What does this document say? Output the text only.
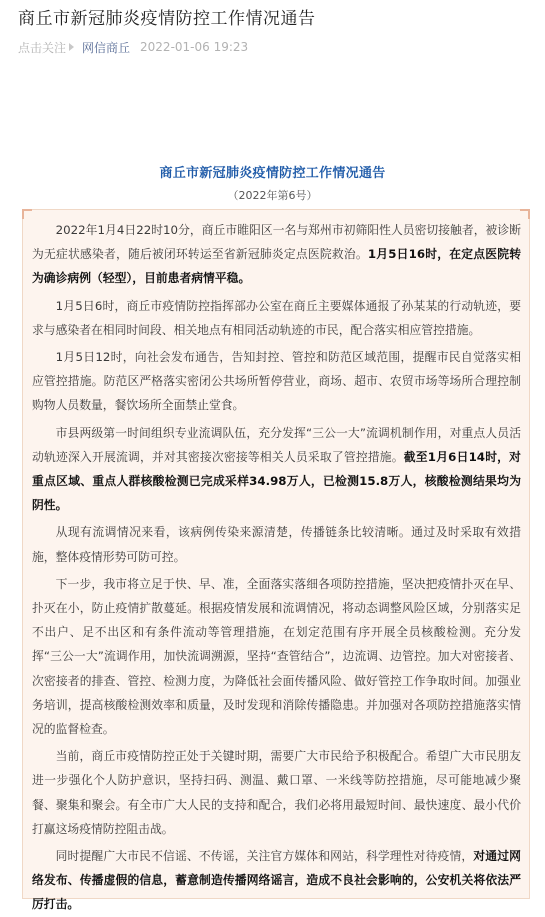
商丘市新冠肺炎疫情防控工作情况通告
点击关注 网信商丘 2022-01-06 19:23
商丘市新冠肺炎疫情防控工作情况通告
（2022年第6号）

2022年1月4日22时10分，商丘市睢阳区一名与郑州市初筛阳性人员密切接触者，被诊断为无症状感染者，随后被闭环转运至省新冠肺炎定点医院救治。1月5日16时，在定点医院转为确诊病例（轻型），目前患者病情平稳。

1月5日6时，商丘市疫情防控指挥部办公室在商丘主要媒体通报了孙某某的行动轨迹，要求与感染者在相同时间段、相关地点有相同活动轨迹的市民，配合落实相应管控措施。

1月5日12时，向社会发布通告，告知封控、管控和防范区域范围，提醒市民自觉落实相应管控措施。防范区严格落实密闭公共场所暂停营业，商场、超市、农贸市场等场所合理控制购物人员数量，餐饮场所全面禁止堂食。

市县两级第一时间组织专业流调队伍，充分发挥“三公一大”流调机制作用，对重点人员活动轨迹深入开展流调，并对其密接次密接等相关人员采取了管控措施。截至1月6日14时，对重点区域、重点人群核酸检测已完成采样34.98万人，已检测15.8万人，核酸检测结果均为阴性。

从现有流调情况来看，该病例传染来源清楚，传播链条比较清晰。通过及时采取有效措施，整体疫情形势可防可控。

下一步，我市将立足于快、早、准，全面落实落细各项防控措施，坚决把疫情扑灭在早、扑灭在小，防止疫情扩散蔓延。根据疫情发展和流调情况，将动态调整风险区域，分别落实足不出户、足不出区和有条件流动等管理措施，在划定范围有序开展全员核酸检测。充分发挥“三公一大”流调作用，加快流调溯源，坚持“查管结合”，边流调、边管控。加大对密接者、次密接者的排查、管控、检测力度，为降低社会面传播风险、做好管控工作争取时间。加强业务培训，提高核酸检测效率和质量，及时发现和消除传播隐患。并加强对各项防控措施落实情况的监督检查。

当前，商丘市疫情防控正处于关键时期，需要广大市民给予积极配合。希望广大市民朋友进一步强化个人防护意识，坚持扫码、测温、戴口罩、一米线等防控措施，尽可能地减少聚餐、聚集和聚会。有全市广大人民的支持和配合，我们必将用最短时间、最快速度、最小代价打赢这场疫情防控阻击战。

同时提醒广大市民不信谣、不传谣，关注官方媒体和网站，科学理性对待疫情，对通过网络发布、传播虚假的信息，蓄意制造传播网络谣言，造成不良社会影响的，公安机关将依法严厉打击。
